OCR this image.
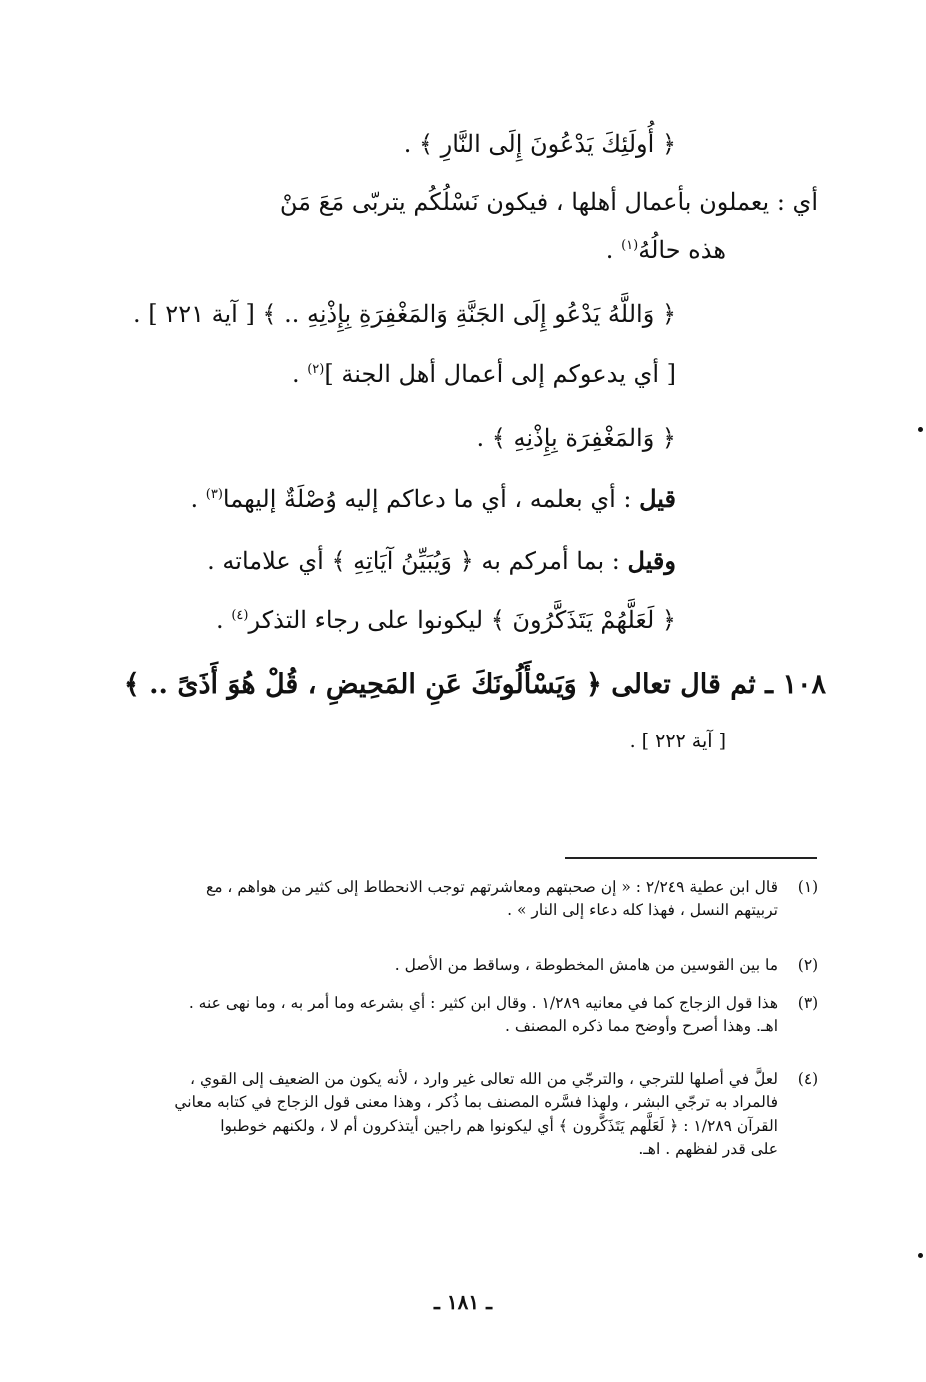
﴿ أُولَئِكَ يَدْعُونَ إِلَى النَّارِ ﴾ .
أي : يعملون بأعمال أهلها ، فيكون نَسْلُكُم يتربّى مَعَ مَنْ
هذه حالُهُ$^{(١)}$ .
﴿ وَاللَّهُ يَدْعُو إِلَى الجَنَّةِ وَالمَغْفِرَةِ بِإِذْنِهِ .. ﴾ [ آية ٢٢١ ] .
[ أي يدعوكم إلى أعمال أهل الجنة ]$^{(٢)}$ .
﴿ وَالمَغْفِرَة بِإِذْنِهِ ﴾ .
قيل : أي بعلمه ، أي ما دعاكم إليه وُصْلَةٌ إليهما$^{(٣)}$ .
وقيل : بما أمركم به ﴿ وَيُبَيِّنُ آيَاتِهِ ﴾ أي علاماته .
﴿ لَعَلَّهُمْ يَتَذَكَّرُونَ ﴾ ليكونوا على رجاء التذكر$^{(٤)}$ .
١٠٨ ـ ثم قال تعالى ﴿ وَيَسْأَلُونَكَ عَنِ المَحِيضِ ، قُلْ هُوَ أَذَىً .. ﴾
[ آية ٢٢٢ ] .
(١)
قال ابن عطية ٢/٢٤٩ : « إن صحبتهم ومعاشرتهم توجب الانحطاط إلى كثير من هواهم ، مع
تربيتهم النسل ، فهذا كله دعاء إلى النار » .
(٢)
ما بين القوسين من هامش المخطوطة ، وساقط من الأصل .
(٣)
هذا قول الزجاج كما في معانيه ١/٢٨٩ . وقال ابن كثير : أي بشرعه وما أمر به ، وما نهى عنه .
اهـ. وهذا أصرح وأوضح مما ذكره المصنف .
(٤)
لعلَّ في أصلها للترجي ، والترجّي من الله تعالى غير وارد ، لأنه يكون من الضعيف إلى القوي ،
فالمراد به ترجّي البشر ، ولهذا فسَّره المصنف بما ذُكر ، وهذا معنى قول الزجاج في كتابه معاني
القرآن ١/٢٨٩ : ﴿ لَعَلَّهم يَتَذَكَّرون ﴾ أي ليكونوا هم راجين أيتذكرون أم لا ، ولكنهم خوطبوا
على قدر لفظهم . اهـ.
ـ ١٨١ ـ
